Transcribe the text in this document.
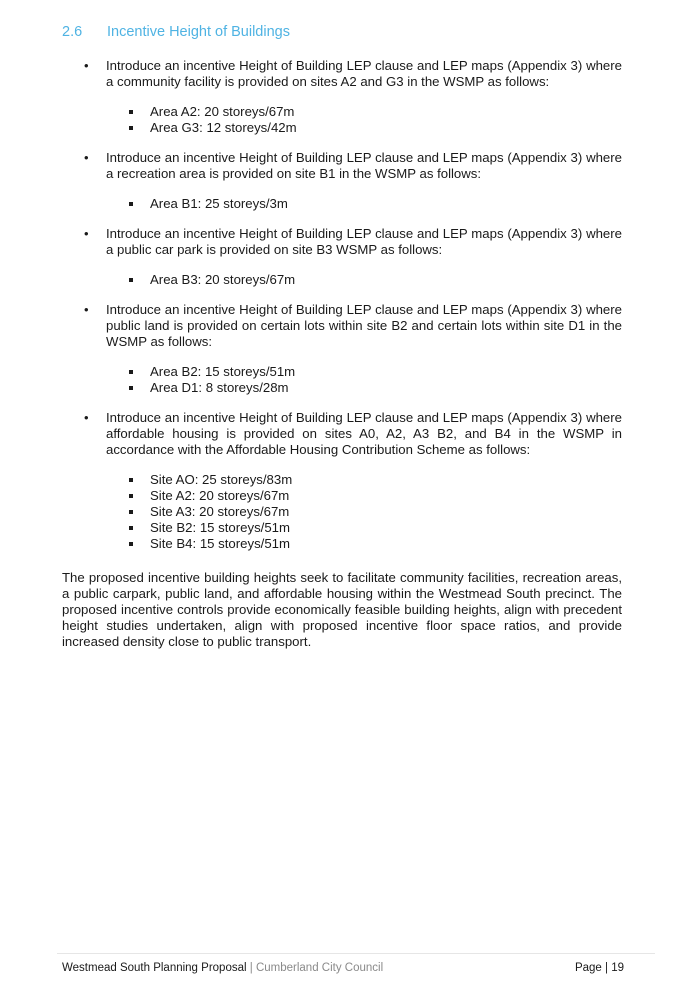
2.6	Incentive Height of Buildings
• Introduce an incentive Height of Building LEP clause and LEP maps (Appendix 3) where a community facility is provided on sites A2 and G3 in the WSMP as follows:
Area A2: 20 storeys/67m
Area G3: 12 storeys/42m
• Introduce an incentive Height of Building LEP clause and LEP maps (Appendix 3) where a recreation area is provided on site B1 in the WSMP as follows:
Area B1: 25 storeys/3m
• Introduce an incentive Height of Building LEP clause and LEP maps (Appendix 3) where a public car park is provided on site B3 WSMP as follows:
Area B3: 20 storeys/67m
• Introduce an incentive Height of Building LEP clause and LEP maps (Appendix 3) where public land is provided on certain lots within site B2 and certain lots within site D1 in the WSMP as follows:
Area B2: 15 storeys/51m
Area D1: 8 storeys/28m
• Introduce an incentive Height of Building LEP clause and LEP maps (Appendix 3) where affordable housing is provided on sites A0, A2, A3 B2, and B4 in the WSMP in accordance with the Affordable Housing Contribution Scheme as follows:
Site AO: 25 storeys/83m
Site A2: 20 storeys/67m
Site A3: 20 storeys/67m
Site B2: 15 storeys/51m
Site B4: 15 storeys/51m
The proposed incentive building heights seek to facilitate community facilities, recreation areas, a public carpark, public land, and affordable housing within the Westmead South precinct. The proposed incentive controls provide economically feasible building heights, align with precedent height studies undertaken, align with proposed incentive floor space ratios, and provide increased density close to public transport.
Westmead South Planning Proposal | Cumberland City Council	Page | 19
